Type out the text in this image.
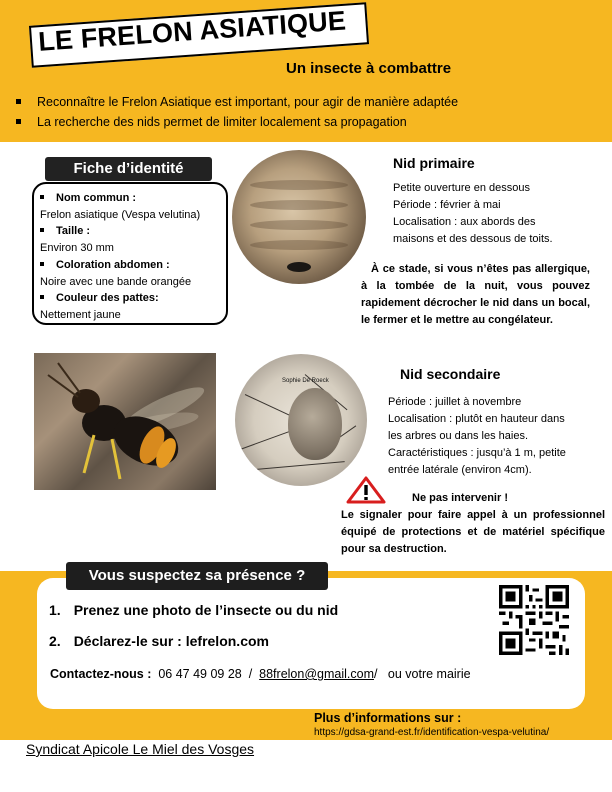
LE FRELON ASIATIQUE
Un insecte à combattre
Reconnaître le Frelon Asiatique est important, pour agir de manière adaptée
La recherche des nids permet de limiter localement sa propagation
Fiche d’identité
Nom commun :
Frelon asiatique (Vespa velutina)
Taille :
Environ 30 mm
Coloration abdomen :
Noire avec une bande orangée
Couleur des pattes:
Nettement jaune
Nid primaire
Petite ouverture en dessous
Période : février à mai
Localisation : aux abords des
maisons et des dessous de toits.
À ce stade, si vous n’êtes pas allergique, à la tombée de la nuit, vous pouvez rapidement décrocher le nid dans un bocal, le fermer et le mettre au congélateur.
Sophie De Roeck	Nid secondaire
Période : juillet à novembre
Localisation : plutôt en hauteur dans
les arbres ou dans les haies.
Caractéristiques : jusqu’à 1 m, petite
entrée latérale (environ 4cm).
Ne pas intervenir !
Le signaler pour faire appel à un professionnel équipé de protections et de matériel spécifique pour sa destruction.
Vous suspectez sa présence ?
1. Prenez une photo de l’insecte ou du nid
2. Déclarez-le sur : lefrelon.com
Contactez-nous : 06 47 49 09 28 / 88frelon@gmail.com/ ou votre mairie
Plus d’informations sur :
https://gdsa-grand-est.fr/identification-vespa-velutina/
Syndicat Apicole Le Miel des Vosges
